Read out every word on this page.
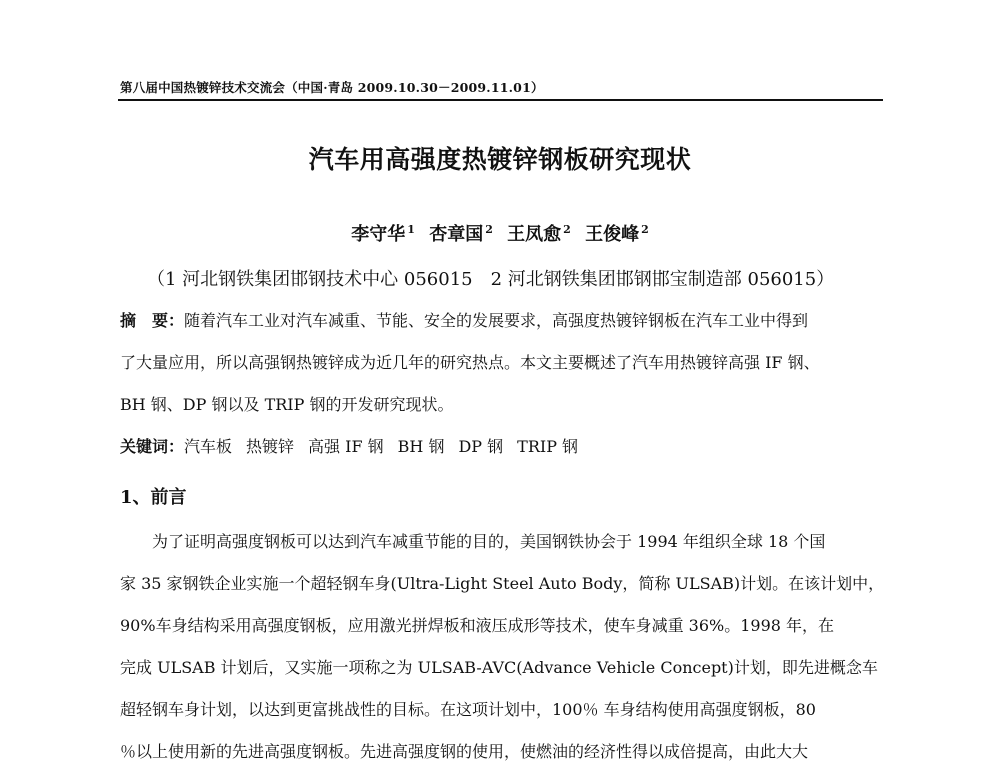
第八届中国热镀锌技术交流会（中国·青岛 2009.10.30－2009.11.01）
汽车用高强度热镀锌钢板研究现状
李守华 $^1$ 杏章国 $^2$ 王凤愈 $^2$ 王俊峰 $^2$
（1 河北钢铁集团邯钢技术中心 056015　2 河北钢铁集团邯钢邯宝制造部 056015）
摘　要：随着汽车工业对汽车减重、节能、安全的发展要求，高强度热镀锌钢板在汽车工业中得到
了大量应用，所以高强钢热镀锌成为近几年的研究热点。本文主要概述了汽车用热镀锌高强 IF 钢、
BH 钢、DP 钢以及 TRIP 钢的开发研究现状。
关键词：汽车板 热镀锌 高强 IF 钢 BH 钢 DP 钢 TRIP 钢
1、前言
　　为了证明高强度钢板可以达到汽车减重节能的目的，美国钢铁协会于 1994 年组织全球 18 个国
家 35 家钢铁企业实施一个超轻钢车身(Ultra-Light Steel Auto Body，简称 ULSAB)计划。在该计划中，
90%车身结构采用高强度钢板，应用激光拼焊板和液压成形等技术，使车身减重 36%。1998 年，在
完成 ULSAB 计划后，又实施一项称之为 ULSAB-AVC(Advance Vehicle Concept)计划，即先进概念车
超轻钢车身计划，以达到更富挑战性的目标。在这项计划中，100％ 车身结构使用高强度钢板，80
％以上使用新的先进高强度钢板。先进高强度钢的使用，使燃油的经济性得以成倍提高，由此大大
